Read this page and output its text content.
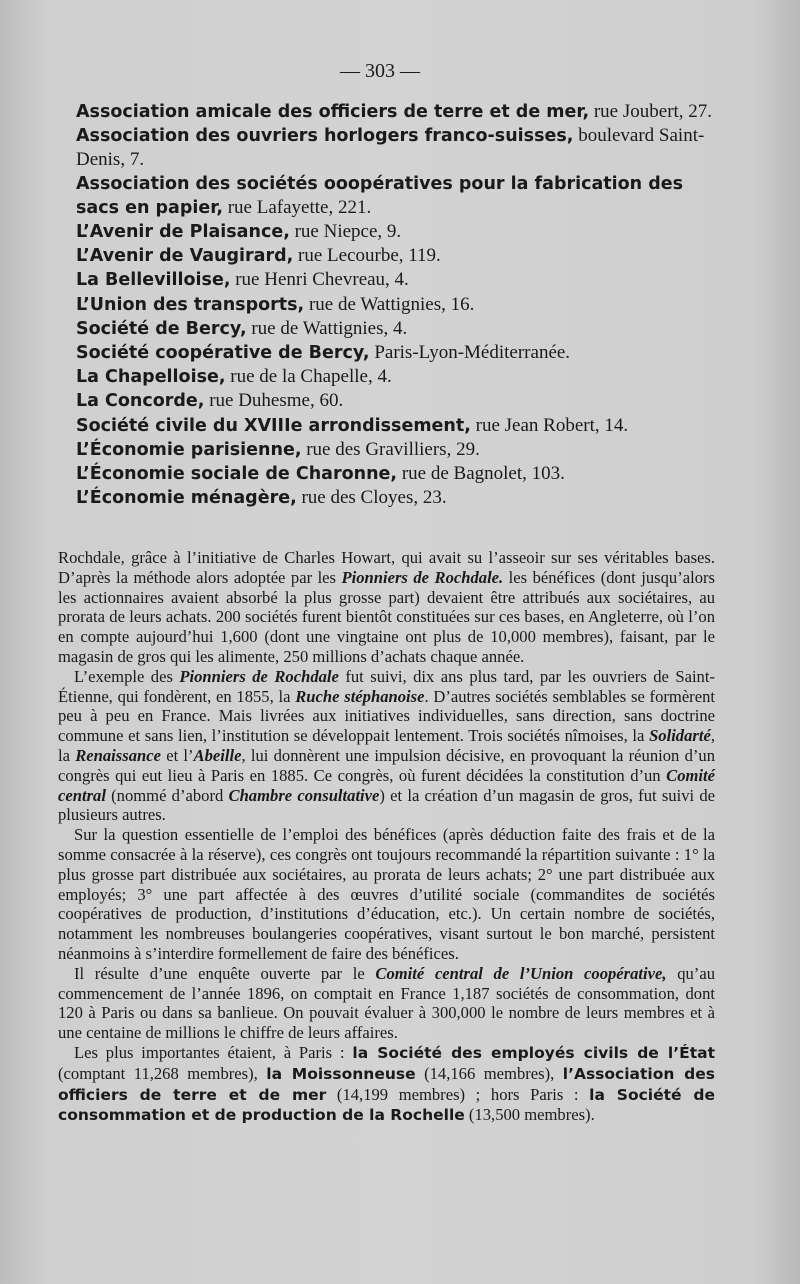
— 303 —

Association amicale des officiers de terre et de mer, rue Joubert, 27.

Association des ouvriers horlogers franco-suisses, boulevard Saint-Denis, 7.

Association des sociétés ooopératives pour la fabrication des sacs en papier, rue Lafayette, 221.

L’Avenir de Plaisance, rue Niepce, 9.

L’Avenir de Vaugirard, rue Lecourbe, 119.

La Bellevilloise, rue Henri Chevreau, 4.

L’Union des transports, rue de Wattignies, 16.

Société de Bercy, rue de Wattignies, 4.

Société coopérative de Bercy, Paris-Lyon-Méditerranée.

La Chapelloise, rue de la Chapelle, 4.

La Concorde, rue Duhesme, 60.

Société civile du XVIIIe arrondissement, rue Jean Robert, 14.

L’Économie parisienne, rue des Gravilliers, 29.

L’Économie sociale de Charonne, rue de Bagnolet, 103.

L’Économie ménagère, rue des Cloyes, 23.

Rochdale, grâce à l’initiative de Charles Howart, qui avait su l’asseoir sur ses véritables bases. D’après la méthode alors adoptée par les Pionniers de Rochdale. les bénéfices (dont jusqu’alors les actionnaires avaient absorbé la plus grosse part) devaient être attribués aux sociétaires, au prorata de leurs achats. 200 sociétés furent bientôt constituées sur ces bases, en Angleterre, où l’on en compte aujourd’hui 1,600 (dont une vingtaine ont plus de 10,000 membres), faisant, par le magasin de gros qui les alimente, 250 millions d’achats chaque année.

L’exemple des Pionniers de Rochdale fut suivi, dix ans plus tard, par les ouvriers de Saint-Étienne, qui fondèrent, en 1855, la Ruche stéphanoise. D’autres sociétés semblables se formèrent peu à peu en France. Mais livrées aux initiatives individuelles, sans direction, sans doctrine commune et sans lien, l’institution se développait lentement. Trois sociétés nîmoises, la Solidarté, la Renaissance et l’Abeille, lui donnèrent une impulsion décisive, en provoquant la réunion d’un congrès qui eut lieu à Paris en 1885. Ce congrès, où furent décidées la constitution d’un Comité central (nommé d’abord Chambre consultative) et la création d’un magasin de gros, fut suivi de plusieurs autres.

Sur la question essentielle de l’emploi des bénéfices (après déduction faite des frais et de la somme consacrée à la réserve), ces congrès ont toujours recommandé la répartition suivante : 1° la plus grosse part distribuée aux sociétaires, au prorata de leurs achats; 2° une part distribuée aux employés; 3° une part affectée à des œuvres d’utilité sociale (commandites de sociétés coopératives de production, d’institutions d’éducation, etc.). Un certain nombre de sociétés, notamment les nombreuses boulangeries coopératives, visant surtout le bon marché, persistent néanmoins à s’interdire formellement de faire des bénéfices.

Il résulte d’une enquête ouverte par le Comité central de l’Union coopérative, qu’au commencement de l’année 1896, on comptait en France 1,187 sociétés de consommation, dont 120 à Paris ou dans sa banlieue. On pouvait évaluer à 300,000 le nombre de leurs membres et à une centaine de millions le chiffre de leurs affaires.

Les plus importantes étaient, à Paris : la Société des employés civils de l’État (comptant 11,268 membres), la Moissonneuse (14,166 membres), l’Association des officiers de terre et de mer (14,199 membres) ; hors Paris : la Société de consommation et de production de la Rochelle (13,500 membres).
